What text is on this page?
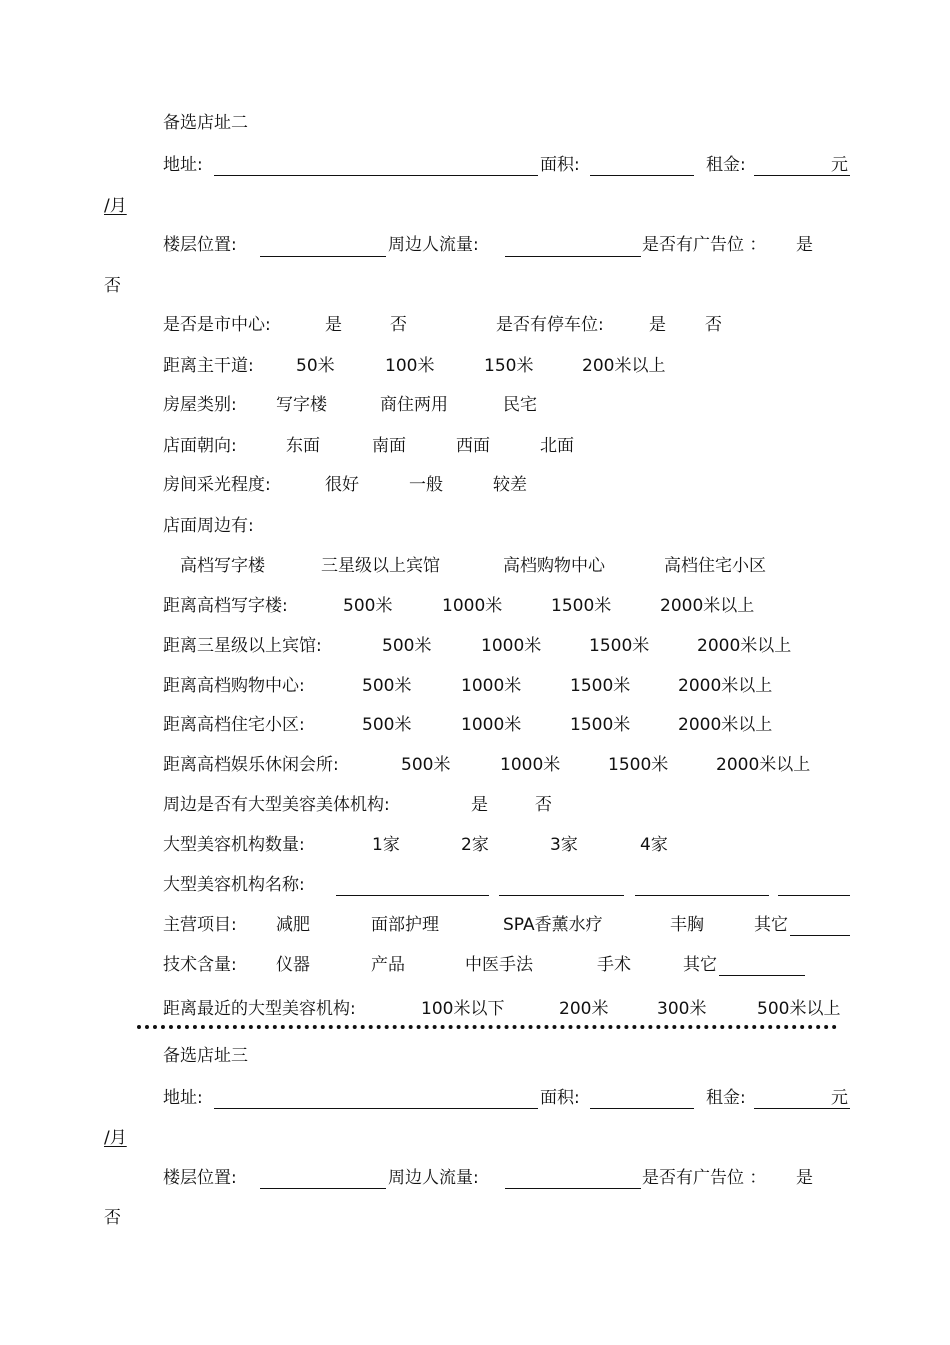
备选店址二
地址:	面积:	租金:	元
/月
楼层位置:	周边人流量:	是否有广告位 ： 是
否
是否是市中心:	是	否	是否有停车位:	是 否
距离主干道: 50米	100米	150米	200米以上
房屋类别: 写字楼	商住两用	民宅
店面朝向:	东面	南面	西面	北面
房间采光程度:	很好	一般	较差
店面周边有:
高档写字楼	三星级以上宾馆	高档购物中心	高档住宅小区
距离高档写字楼:	500米	1000米	1500米	2000米以上
距离三星级以上宾馆:	500米	1000米	1500米	2000米以上
距离高档购物中心:	500米	1000米	1500米	2000米以上
距离高档住宅小区:	500米	1000米	1500米	2000米以上
距离高档娱乐休闲会所:	500米	1000米	1500米	2000米以上
周边是否有大型美容美体机构:	是	否
大型美容机构数量:	1家	2家	3家	4家
大型美容机构名称:
主营项目: 减肥	面部护理	SPA香薰水疗	丰胸	其它
技术含量: 仪器	产品	中医手法	手术	其它
距离最近的大型美容机构:	100米以下	200米	300米	500米以上
备选店址三
地址:	面积:	租金:	元
/月
楼层位置:	周边人流量:	是否有广告位 ： 是
否
